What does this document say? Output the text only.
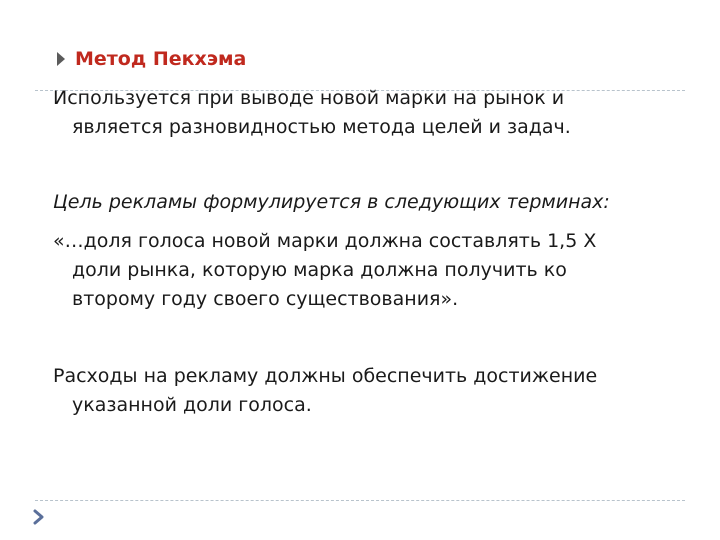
Метод Пекхэма
Используется при выводе новой марки на рынок и
является разновидностью метода целей и задач.
Цель рекламы формулируется в следующих терминах:
«…доля голоса новой марки должна составлять 1,5 Х
доли рынка, которую марка должна получить ко
второму году своего существования».
Расходы на рекламу должны обеспечить достижение
указанной доли голоса.
